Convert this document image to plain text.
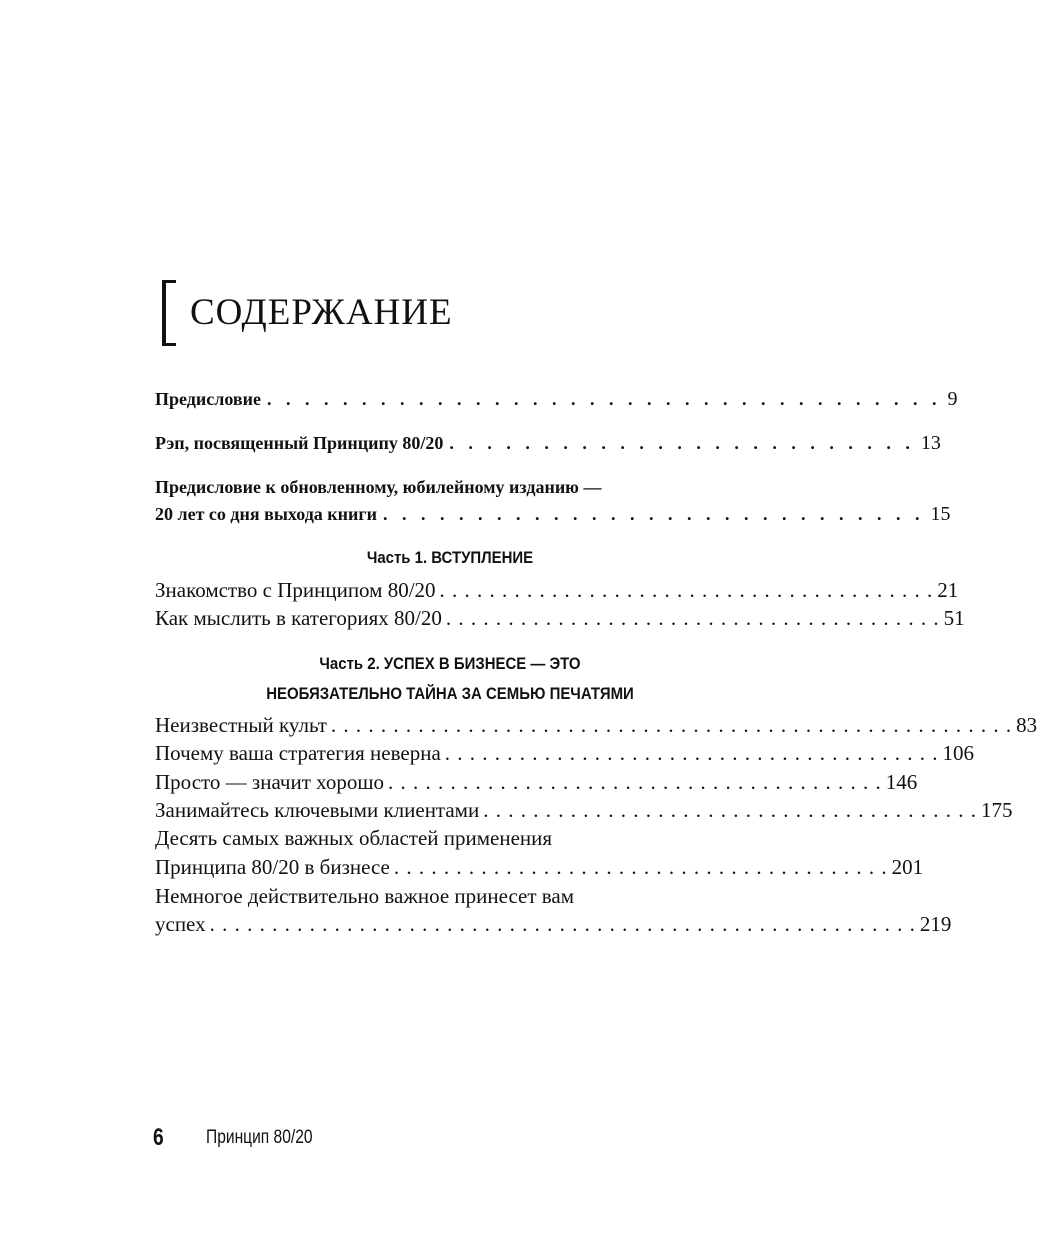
СОДЕРЖАНИЕ
Предисловие . . . . . . . . . . . . . . . . . . . . . . . . . . . . . . . . . . . . 9
Рэп, посвященный Принципу 80/20 . . . . . . . . . . . . . . . . . . . . . . . . . 13
Предисловие к обновленному, юбилейному изданию —
20 лет со дня выхода книги . . . . . . . . . . . . . . . . . . . . . . . . . . . . . 15
Часть 1. ВСТУПЛЕНИЕ
Знакомство с Принципом 80/20 . . . . . . . . . . . . . . . . . . . . . . . . . . . . . . . . . . . . . . . . 21
Как мыслить в категориях 80/20 . . . . . . . . . . . . . . . . . . . . . . . . . . . . . . . . . . . . . . . . 51
Часть 2. УСПЕХ В БИЗНЕСЕ — ЭТО
НЕОБЯЗАТЕЛЬНО ТАЙНА ЗА СЕМЬЮ ПЕЧАТЯМИ
Неизвестный культ . . . . . . . . . . . . . . . . . . . . . . . . . . . . . . . . . . . . . . . . . . . . . . . . . . . . . . . 83
Почему ваша стратегия неверна . . . . . . . . . . . . . . . . . . . . . . . . . . . . . . . . . . . . . . . . 106
Просто — значит хорошо . . . . . . . . . . . . . . . . . . . . . . . . . . . . . . . . . . . . . . . . 146
Занимайтесь ключевыми клиентами . . . . . . . . . . . . . . . . . . . . . . . . . . . . . . . . . . . . . . . . 175
Десять самых важных областей применения
Принципа 80/20 в бизнесе . . . . . . . . . . . . . . . . . . . . . . . . . . . . . . . . . . . . . . . . 201
Немногое действительно важное принесет вам
успех . . . . . . . . . . . . . . . . . . . . . . . . . . . . . . . . . . . . . . . . . . . . . . . . . . . . . . . . . 219
6 Принцип 80/20
